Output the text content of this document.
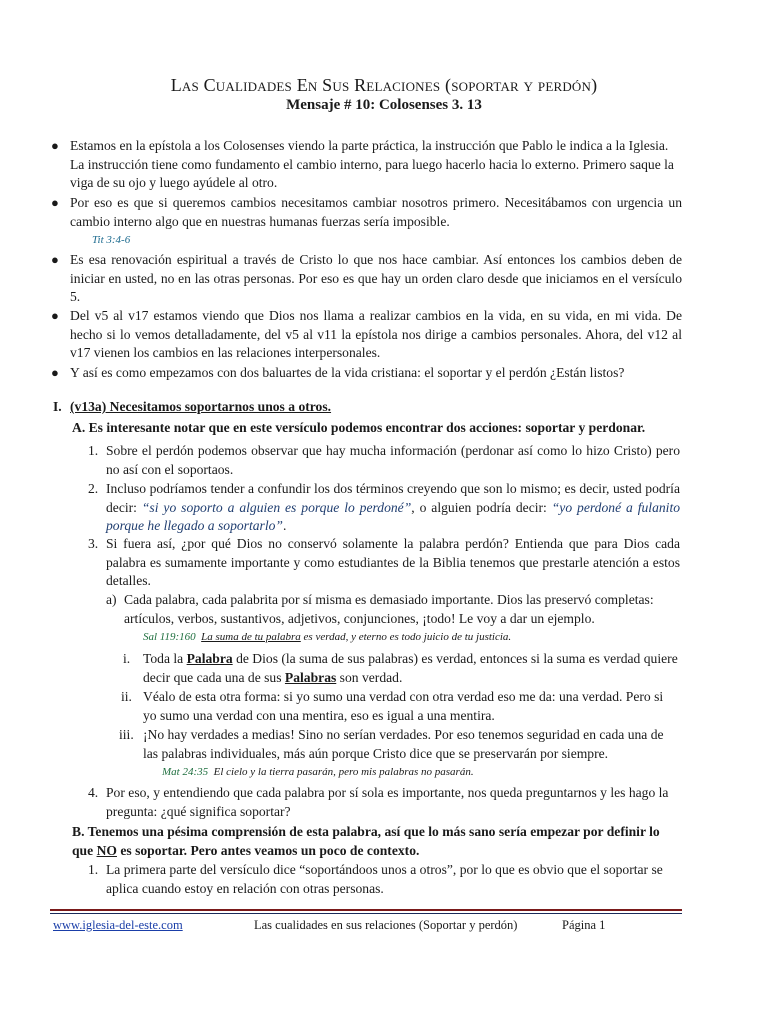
Las Cualidades En Sus Relaciones (soportar y perdón)
Mensaje # 10: Colosenses 3. 13
● Estamos en la epístola a los Colosenses viendo la parte práctica, la instrucción que Pablo le indica a la Iglesia. La instrucción tiene como fundamento el cambio interno, para luego hacerlo hacia lo externo. Primero saque la viga de su ojo y luego ayúdele al otro.
● Por eso es que si queremos cambios necesitamos cambiar nosotros primero. Necesitábamos con urgencia un cambio interno algo que en nuestras humanas fuerzas sería imposible.
Tit 3:4-6
● Es esa renovación espiritual a través de Cristo lo que nos hace cambiar. Así entonces los cambios deben de iniciar en usted, no en las otras personas. Por eso es que hay un orden claro desde que iniciamos en el versículo 5.
● Del v5 al v17 estamos viendo que Dios nos llama a realizar cambios en la vida, en su vida, en mi vida. De hecho si lo vemos detalladamente, del v5 al v11 la epístola nos dirige a cambios personales. Ahora, del v12 al v17 vienen los cambios en las relaciones interpersonales.
● Y así es como empezamos con dos baluartes de la vida cristiana: el soportar y el perdón ¿Están listos?
I. (v13a) Necesitamos soportarnos unos a otros.
A. Es interesante notar que en este versículo podemos encontrar dos acciones: soportar y perdonar.
1. Sobre el perdón podemos observar que hay mucha información (perdonar así como lo hizo Cristo) pero no así con el soportaos.
2. Incluso podríamos tender a confundir los dos términos creyendo que son lo mismo; es decir, usted podría decir: “si yo soporto a alguien es porque lo perdoné”, o alguien podría decir: “yo perdoné a fulanito porque he llegado a soportarlo”.
3. Si fuera así, ¿por qué Dios no conservó solamente la palabra perdón? Entienda que para Dios cada palabra es sumamente importante y como estudiantes de la Biblia tenemos que prestarle atención a estos detalles.
a) Cada palabra, cada palabrita por sí misma es demasiado importante. Dios las preservó completas: artículos, verbos, sustantivos, adjetivos, conjunciones, ¡todo! Le voy a dar un ejemplo.
Sal 119:160 La suma de tu palabra es verdad, y eterno es todo juicio de tu justicia.
i. Toda la Palabra de Dios (la suma de sus palabras) es verdad, entonces si la suma es verdad quiere decir que cada una de sus Palabras son verdad.
ii. Véalo de esta otra forma: si yo sumo una verdad con otra verdad eso me da: una verdad. Pero si yo sumo una verdad con una mentira, eso es igual a una mentira.
iii. ¡No hay verdades a medias! Sino no serían verdades. Por eso tenemos seguridad en cada una de las palabras individuales, más aún porque Cristo dice que se preservarán por siempre.
Mat 24:35 El cielo y la tierra pasarán, pero mis palabras no pasarán.
4. Por eso, y entendiendo que cada palabra por sí sola es importante, nos queda preguntarnos y les hago la pregunta: ¿qué significa soportar?
B. Tenemos una pésima comprensión de esta palabra, así que lo más sano sería empezar por definir lo que NO es soportar. Pero antes veamos un poco de contexto.
1. La primera parte del versículo dice “soportándoos unos a otros”, por lo que es obvio que el soportar se aplica cuando estoy en relación con otras personas.
www.iglesia-del-este.com	Las cualidades en sus relaciones (Soportar y perdón)	Página 1
